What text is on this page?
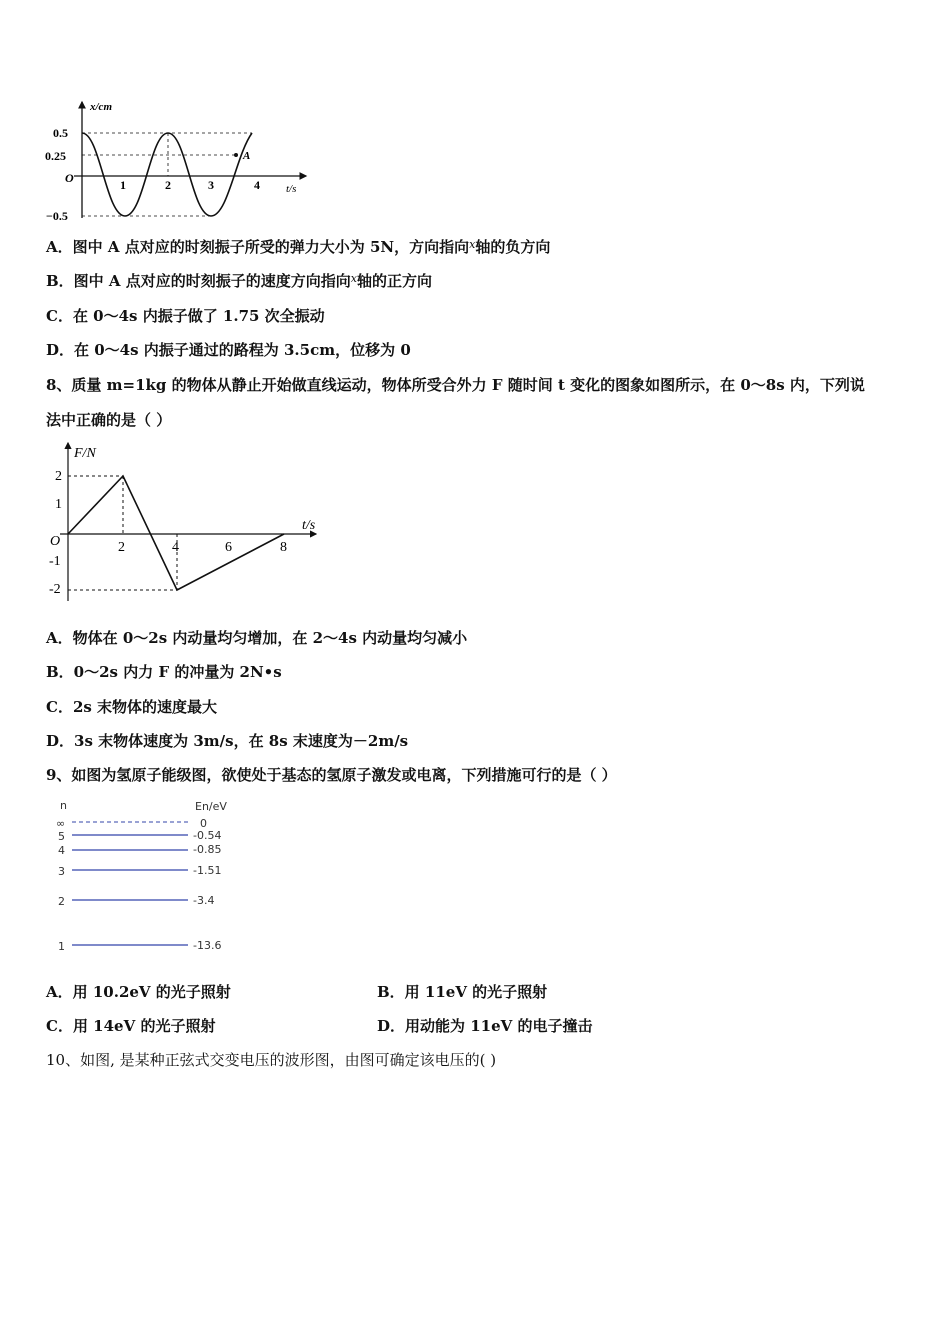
x/cm
t/s
0.5
0.25
O
−0.5
1	2	3	4
A
A．图中 A 点对应的时刻振子所受的弹力大小为 5N，方向指向$^x$轴的负方向
B．图中 A 点对应的时刻振子的速度方向指向$^x$轴的正方向
C．在 0～4s 内振子做了 1.75 次全振动
D．在 0～4s 内振子通过的路程为 3.5cm，位移为 0
8、质量 m=1kg 的物体从静止开始做直线运动，物体所受合外力 F 随时间 t 变化的图象如图所示，在 0～8s 内，下列说
法中正确的是（ ）
F/N
t/s
O
2
1
-1
-2
2	4	6	8
A．物体在 0～2s 内动量均匀增加，在 2～4s 内动量均匀减小
B．0～2s 内力 F 的冲量为 2N•s
C．2s 末物体的速度最大
D．3s 末物体速度为 3m/s，在 8s 末速度为－2m/s
9、如图为氢原子能级图，欲使处于基态的氢原子激发或电离，下列措施可行的是（ ）
n	En/eV
∞	0
5	-0.54
4	-0.85
3	-1.51
2	-3.4
1	-13.6
A．用 10.2eV 的光子照射	B．用 11eV 的光子照射
C．用 14eV 的光子照射	D．用动能为 11eV 的电子撞击
10、如图, 是某种正弦式交变电压的波形图，由图可确定该电压的( )
